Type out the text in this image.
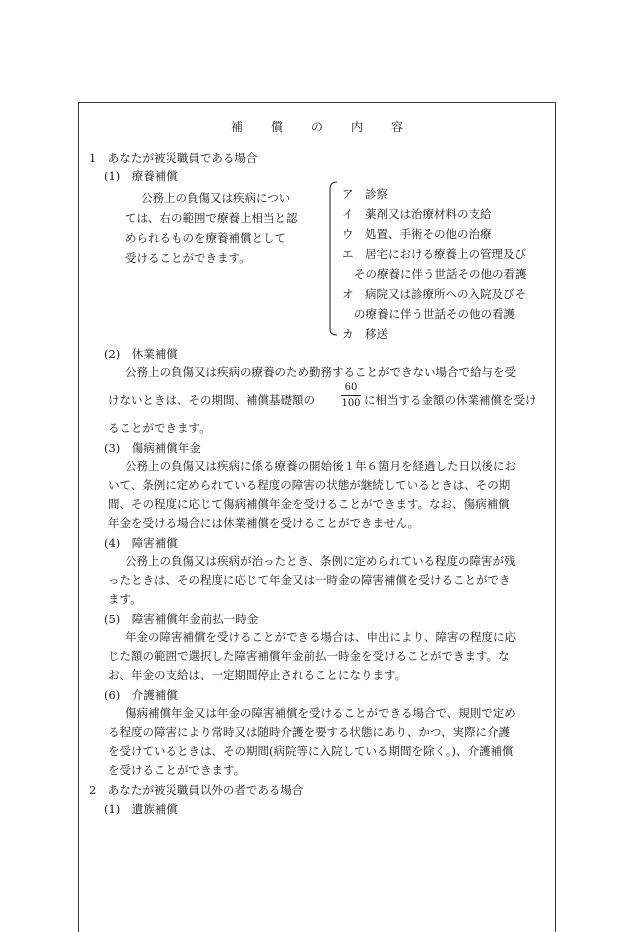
補 償 の 内 容
1　あなたが被災職員である場合
(1)　療養補償
公務上の負傷又は疾病につい
ては、右の範囲で療養上相当と認
められるものを療養補償として
受けることができます。
ア　診察
イ　薬剤又は治療材料の支給
ウ　処置、手術その他の治療
エ　居宅における療養上の管理及び
その療養に伴う世話その他の看護
オ　病院又は診療所への入院及びそ
の療養に伴う世話その他の看護
カ　移送
(2)　休業補償
公務上の負傷又は疾病の療養のため勤務することができない場合で給与を受
けないときは、その期間、補償基礎額の
60
100 に相当する金額の休業補償を受け
ることができます。
(3)　傷病補償年金
公務上の負傷又は疾病に係る療養の開始後１年６箇月を経過した日以後にお
いて、条例に定められている程度の障害の状態が継続しているときは、その期
間、その程度に応じて傷病補償年金を受けることができます。なお、傷病補償
年金を受ける場合には休業補償を受けることができません。
(4)　障害補償
公務上の負傷又は疾病が治ったとき、条例に定められている程度の障害が残
ったときは、その程度に応じて年金又は一時金の障害補償を受けることができ
ます。
(5)　障害補償年金前払一時金
年金の障害補償を受けることができる場合は、申出により、障害の程度に応
じた額の範囲で選択した障害補償年金前払一時金を受けることができます。な
お、年金の支給は、一定期間停止されることになります。
(6)　介護補償
傷病補償年金又は年金の障害補償を受けることができる場合で、規則で定め
る程度の障害により常時又は随時介護を要する状態にあり、かつ、実際に介護
を受けているときは、その期間(病院等に入院している期間を除く。)、介護補償
を受けることができます。
2　あなたが被災職員以外の者である場合
(1)　遺族補償
